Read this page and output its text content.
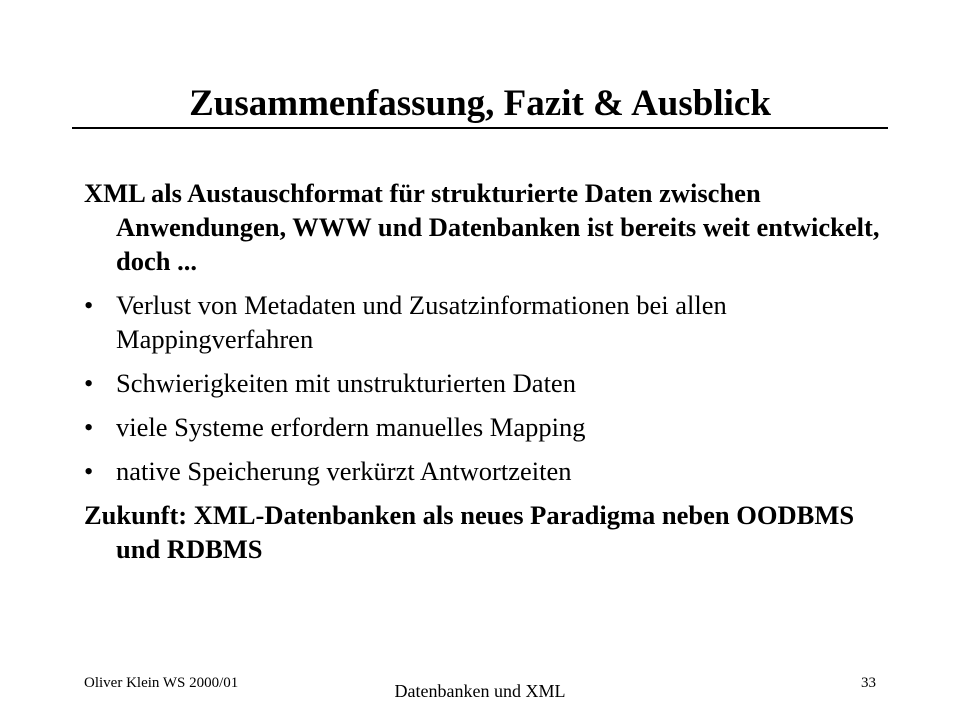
Zusammenfassung, Fazit & Ausblick

XML als Austauschformat für strukturierte Daten zwischen Anwendungen, WWW und Datenbanken ist bereits weit entwickelt, doch ...

• Verlust von Metadaten und Zusatzinformationen bei allen Mappingverfahren

• Schwierigkeiten mit unstrukturierten Daten

• viele Systeme erfordern manuelles Mapping

• native Speicherung verkürzt Antwortzeiten

Zukunft: XML-Datenbanken als neues Paradigma neben OODBMS und RDBMS

Oliver Klein WS 2000/01	Datenbanken und XML	33
